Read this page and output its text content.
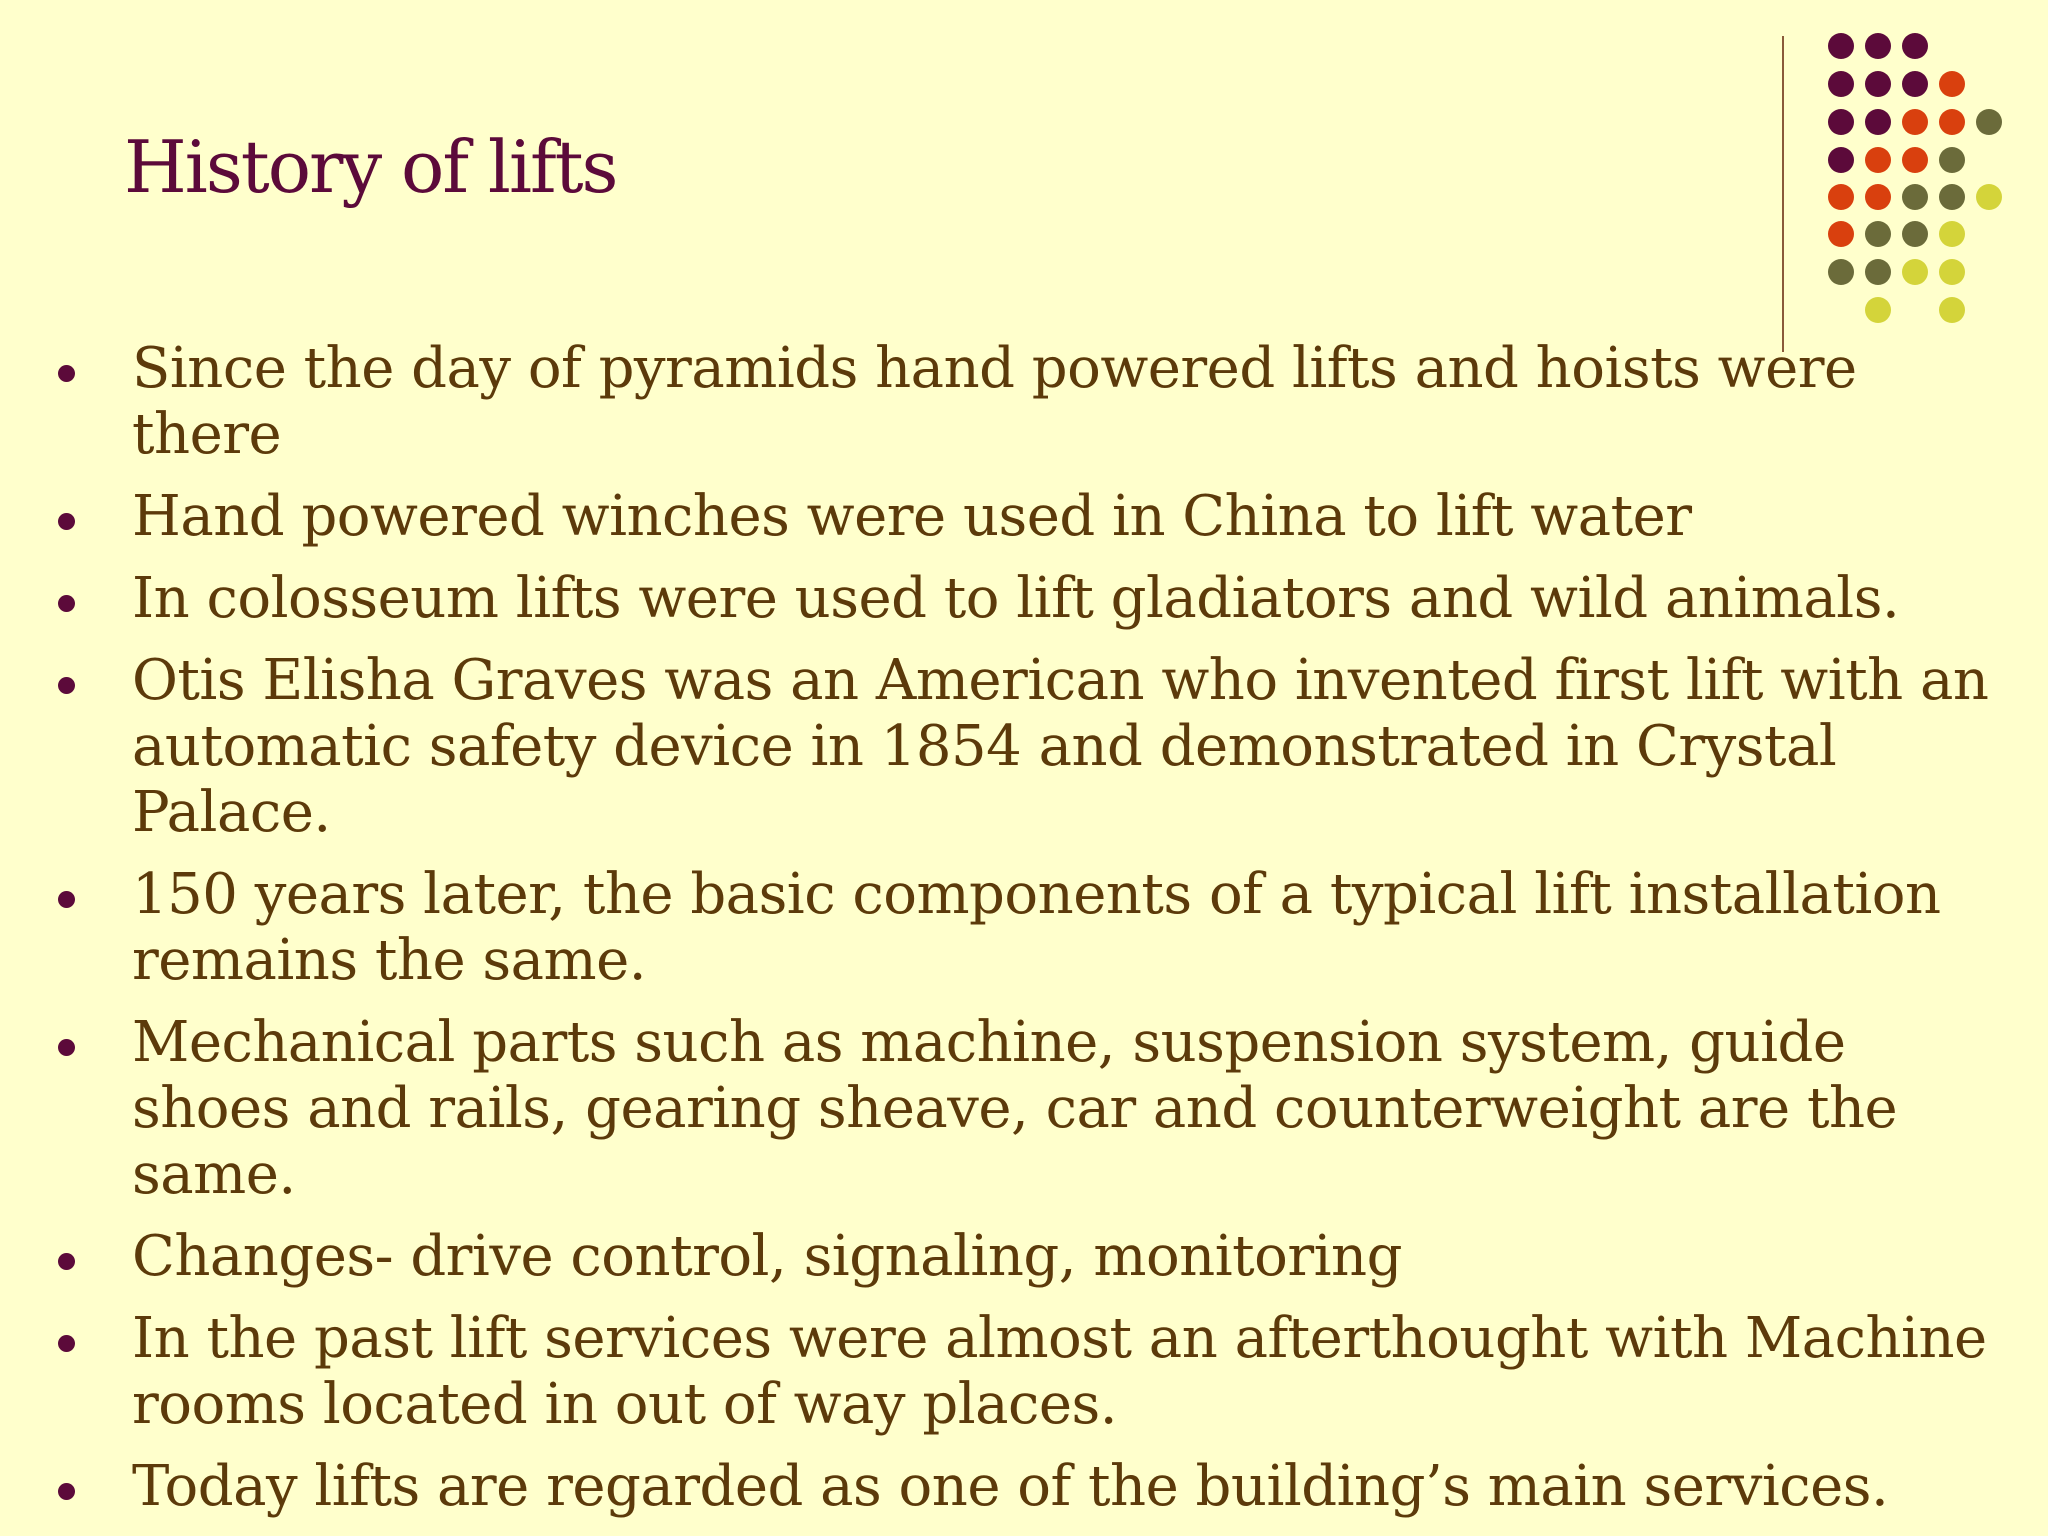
History of lifts
Since the day of pyramids hand powered lifts and hoists were there
Hand powered winches were used in China to lift water
In colosseum lifts were used to lift gladiators and wild animals.
Otis Elisha Graves was an American who invented first lift with an automatic safety device in 1854 and demonstrated in Crystal Palace.
150 years later, the basic components of a typical lift installation remains the same.
Mechanical parts such as machine, suspension system, guide shoes and rails, gearing sheave, car and counterweight are the same.
Changes- drive control, signaling, monitoring
In the past lift services were almost an afterthought with Machine rooms located in out of way places.
Today lifts are regarded as one of the building’s main services.
